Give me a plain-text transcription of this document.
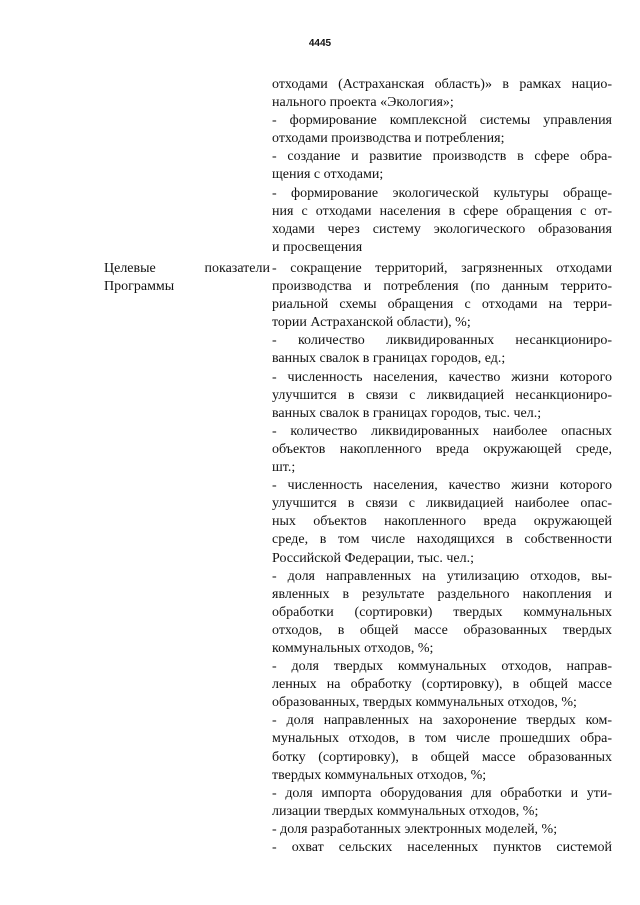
4445
отходами (Астраханская область)» в рамках нацио-
нального проекта «Экология»;
- формирование комплексной системы управления
отходами производства и потребления;
- создание и развитие производств в сфере обра-
щения с отходами;
- формирование экологической культуры обраще-
ния с отходами населения в сфере обращения с от-
ходами через систему экологического образования
и просвещения
Целевые показатели
Программы
- сокращение территорий, загрязненных отходами
производства и потребления (по данным террито-
риальной схемы обращения с отходами на терри-
тории Астраханской области), %;
- количество ликвидированных несанкциониро-
ванных свалок в границах городов, ед.;
- численность населения, качество жизни которого
улучшится в связи с ликвидацией несанкциониро-
ванных свалок в границах городов, тыс. чел.;
- количество ликвидированных наиболее опасных
объектов накопленного вреда окружающей среде,
шт.;
- численность населения, качество жизни которого
улучшится в связи с ликвидацией наиболее опас-
ных объектов накопленного вреда окружающей
среде, в том числе находящихся в собственности
Российской Федерации, тыс. чел.;
- доля направленных на утилизацию отходов, вы-
явленных в результате раздельного накопления и
обработки (сортировки) твердых коммунальных
отходов, в общей массе образованных твердых
коммунальных отходов, %;
- доля твердых коммунальных отходов, направ-
ленных на обработку (сортировку), в общей массе
образованных, твердых коммунальных отходов, %;
- доля направленных на захоронение твердых ком-
мунальных отходов, в том числе прошедших обра-
ботку (сортировку), в общей массе образованных
твердых коммунальных отходов, %;
- доля импорта оборудования для обработки и ути-
лизации твердых коммунальных отходов, %;
- доля разработанных электронных моделей, %;
- охват сельских населенных пунктов системой
